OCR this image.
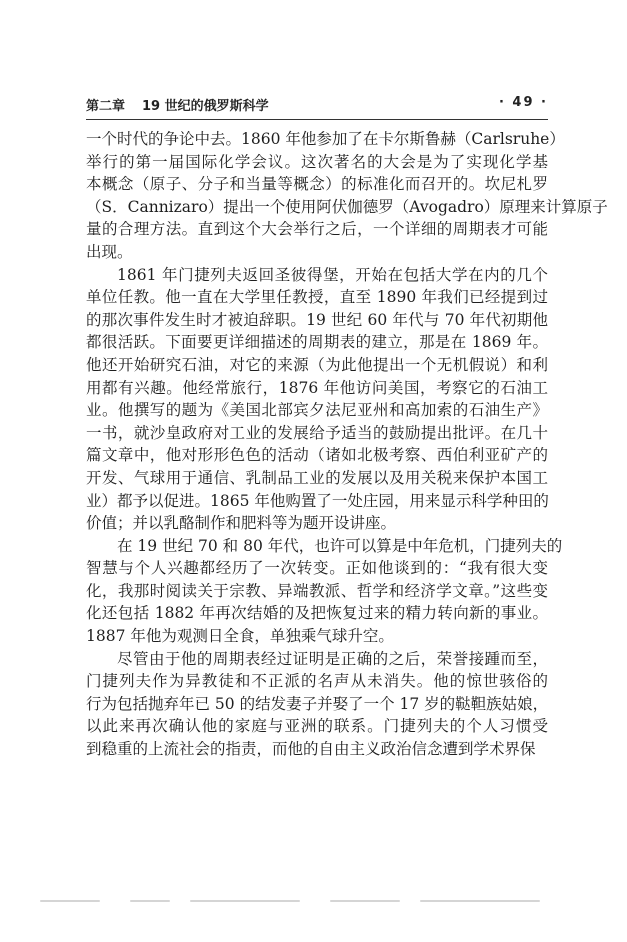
第二章 19 世纪的俄罗斯科学	· 49 ·
一个时代的争论中去。1860 年他参加了在卡尔斯鲁赫（Carlsruhe）
举行的第一届国际化学会议。这次著名的大会是为了实现化学基
本概念（原子、分子和当量等概念）的标准化而召开的。坎尼札罗
（S．Cannizaro）提出一个使用阿伏伽德罗（Avogadro）原理来计算原子
量的合理方法。直到这个大会举行之后，一个详细的周期表才可能
出现。
1861 年门捷列夫返回圣彼得堡，开始在包括大学在内的几个
单位任教。他一直在大学里任教授，直至 1890 年我们已经提到过
的那次事件发生时才被迫辞职。19 世纪 60 年代与 70 年代初期他
都很活跃。下面要更详细描述的周期表的建立，那是在 1869 年。
他还开始研究石油，对它的来源（为此他提出一个无机假说）和利
用都有兴趣。他经常旅行，1876 年他访问美国，考察它的石油工
业。他撰写的题为《美国北部宾夕法尼亚州和高加索的石油生产》
一书，就沙皇政府对工业的发展给予适当的鼓励提出批评。在几十
篇文章中，他对形形色色的活动（诸如北极考察、西伯利亚矿产的
开发、气球用于通信、乳制品工业的发展以及用关税来保护本国工
业）都予以促进。1865 年他购置了一处庄园，用来显示科学种田的
价值；并以乳酪制作和肥料等为题开设讲座。
在 19 世纪 70 和 80 年代，也许可以算是中年危机，门捷列夫的
智慧与个人兴趣都经历了一次转变。正如他谈到的：“我有很大变
化，我那时阅读关于宗教、异端教派、哲学和经济学文章。”这些变
化还包括 1882 年再次结婚的及把恢复过来的精力转向新的事业。
1887 年他为观测日全食，单独乘气球升空。
尽管由于他的周期表经过证明是正确的之后，荣誉接踵而至，
门捷列夫作为异教徒和不正派的名声从未消失。他的惊世骇俗的
行为包括抛弃年已 50 的结发妻子并娶了一个 17 岁的鞑靼族姑娘，
以此来再次确认他的家庭与亚洲的联系。门捷列夫的个人习惯受
到稳重的上流社会的指责，而他的自由主义政治信念遭到学术界保
